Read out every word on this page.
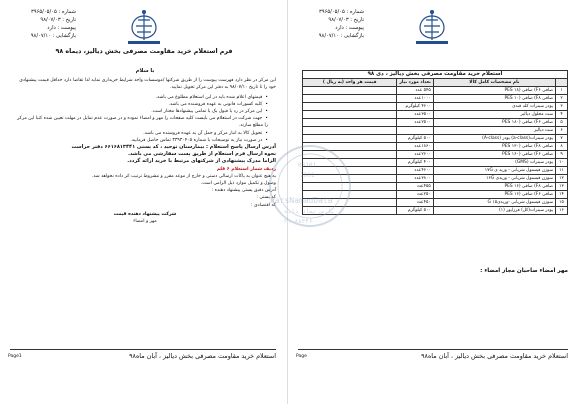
شماره : ۳۹۶۵/۰۵/۰۵
تاریخ : ۹۸/۰۷/۰۳
پیوست : دارد
بازگشایی : ۹۸/۰۷/۱۰
فرم استعلام خرید مقاومت مصرفی بخش دیالیز، دیماه ۹۸
با سلام
این مرکز در نظر دارد فهرست پیوست را از طریق شرکتها /موسسات واجد شرایط خریداری نماید لذا تقاضا دارد حداقل قیمت پیشنهادی خود را تا تاریخ ۹۸/۰۷/۱۰ به دفتر این مرکز تحویل نمایید.
• قیمتهای اعلام شده باید در این استعلام مطلوع می باشد.
• کلیه کسورات قانونی به عهده فروشنده می باشد.
• این مرکز در رد یا قبول یک یا تمامی پیشنهادها مختار است.
• جهت شرکت در استعلام می بایست کلیه صفحات را مهر و امضاء نموده و در صورت عدم تمایل در مهلت تعیین شده کتبا این مرکز را مطلع سازند.
• تحویل کالا به انبار مرکز و حمل آن به عهده فروشنده می باشد.
• در صورت نیاز به توضیحات با شماره ۳۳۹۳۰۴۰۵ تماس حاصل فرمایید.
آدرس ارسال پاسخ استعلام : بیمارستان توحید ، کد پستی ۶۶۱۶۸۱۳۴۴۱ دفتر حراست
نحوه ارسال فرم استعلام از طریق پست سفارشی می باشد.
الزاما مدرک پیشنهادی از شرکتهای مرتبط با خرید ارائه گردد.
ردیف شمار استعلام ۶ قلم
به هیچ عنوان به پاکات ارسالی دستی و خارج از موعد مقرر و مشروط ترتیب اثر داده نخواهد شد.
وصول و تکمیل موارد ذیل الزامی است.
آدرس دقیق پستی پیشنهاد دهنده :
کد پستی :
کد اقتصادی :
شرکت پیشنهاد دهنده قیمت
مهر و امضاء
استعلام خرید مقاومت مصرفی بخش دیالیز ، آبان ماه۹۸
Page1
شماره : ۳۹۶۵/۰۵/۰۵
تاریخ : ۹۸/۰۷/۰۳
پیوست : دارد
بازگشایی : ۹۸/۰۷/۱۰
استعلام خرید مقاومت مصرفی بخش دیالیز ، دی ۹۸			
	نام مشخصات کامل کالا	تعداد مورد نیاز	قیمت هر واحد (به ریال )
۱	صافی F۶) صافی (۱۸ PES	۵۴۵ عدد	
۲	صافی F۸) صافی (۱۰ PES	۱۰۰۰عدد	
۳	پودر سیترات کله قندی	۴۶۰۰ کیلوگرم	
۴	ست محلول دیالیز	۳۵۰۰عدد	
۵	صافی F۶) صافی (۱۸۰ PES	۲۵۰۰عدد	
۶	ست دیالیز		
۷	پودر سیترات(a-class) پودر (A-class)	۵۰۰ کیلوگرم	
۸	صافی F۸) صافی (۱۳۰ PES	۱۸۶۰عدد	
۹	صافی F۶) صافی (۱۶۰ PES	۲۶۰۰عدد	
۱۰	پودر سیترات (GMS)	۴۰۰ کیلوگرم	
۱۱	سوزن فیستول شریانی - ورید ی ۱۷G	۴۶۰۰عدد	
۱۲	سوزن فیستول شریانی - وریدی ۱۶G	۳۸۰۰عدد	
۱۳	صافی F۸) صافی (۱۶ PES	۴۵۵عدد	
۱۴	صافی F۶) صافی (۱۶ PES	۲۵۰عدد	
۱۵	سوزن فیستول شریانی -وریدی۱۵ G	۴۵۰عدد	
۱۶	پودر سیترات(کل) فرزاپور (۱)	۵۰۰ کیلوگرم	
مهر امضاء صاحبان مجاز امضاء :
استعلام خرید مقاومت مصرفی بخش دیالیز ، آبان ماه۹۸
Page
03101
1001
ParsNamadData
پارس نماد داده
۰۲۱-۸۸۳۴۶۰۰۰
